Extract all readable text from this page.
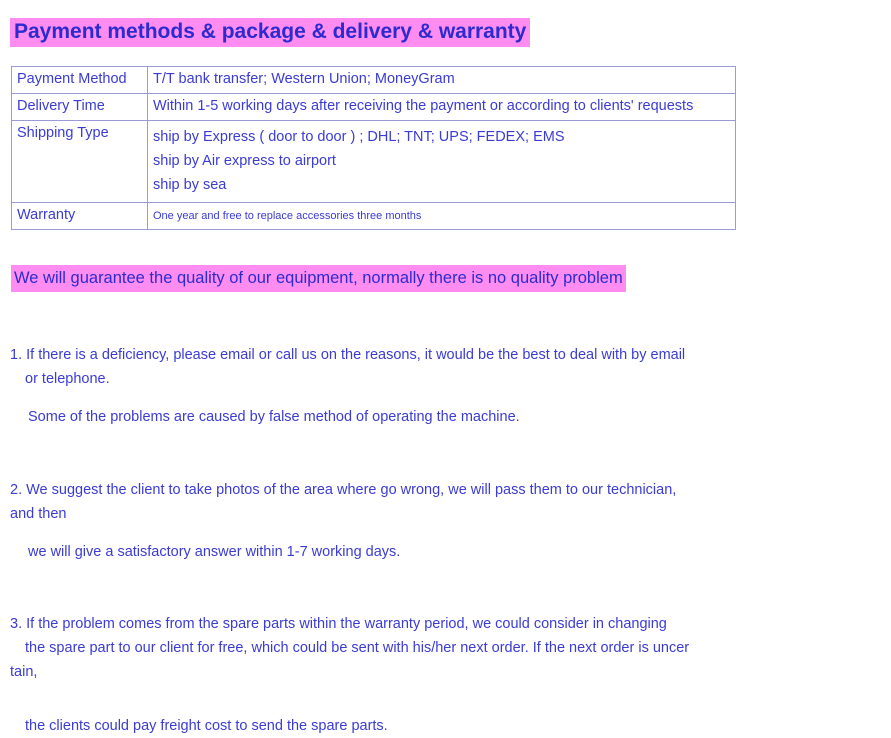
Payment methods & package & delivery & warranty
Payment Method	T/T bank transfer; Western Union; MoneyGram
Delivery Time	Within 1-5 working days after receiving the payment or according to clients' requests
Shipping Type	ship by Express ( door to door ) ; DHL; TNT; UPS; FEDEX; EMS
ship by Air express to airport
ship by sea

Warranty	One year and free to replace accessories three months
We will guarantee the quality of our equipment, normally there is no quality problem
1. If there is a deficiency, please email or call us on the reasons, it would be the best to deal with by email
or telephone.
Some of the problems are caused by false method of operating the machine.
2. We suggest the client to take photos of the area where go wrong, we will pass them to our technician,
and then
we will give a satisfactory answer within 1-7 working days.
3. If the problem comes from the spare parts within the warranty period, we could consider in changing
the spare part to our client for free, which could be sent with his/her next order. If the next order is uncer
tain,
the clients could pay freight cost to send the spare parts.
